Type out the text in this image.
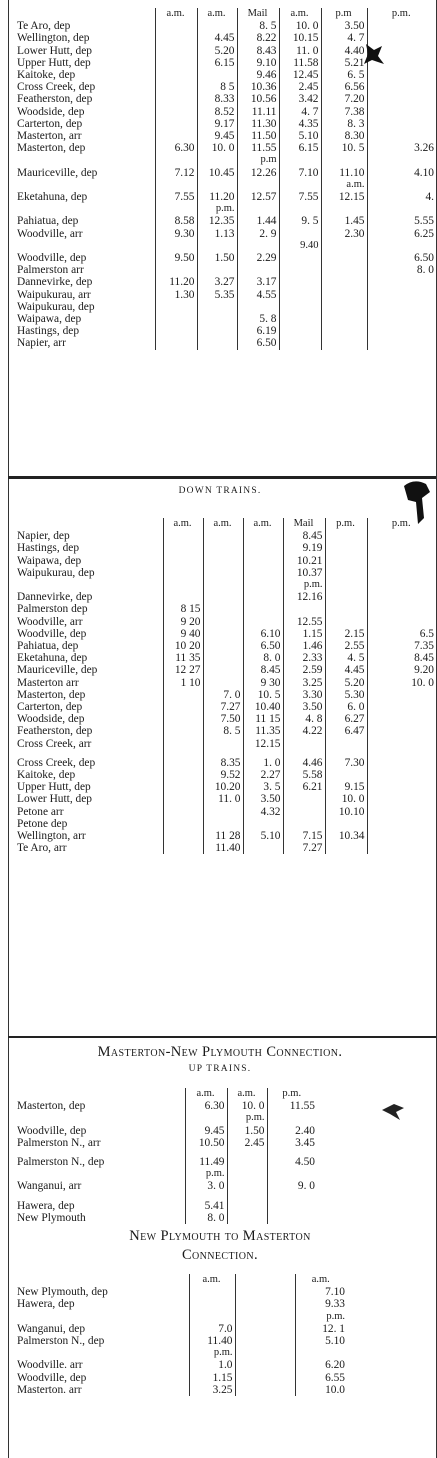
	a.m.	a.m.	Mail	a.m.	p.m	p.m.
Te Aro, dep			8. 5	10. 0	3.50	
Wellington, dep		4.45	8.22	10.15	4. 7	
Lower Hutt, dep		5.20	8.43	11. 0	4.40	
Upper Hutt, dep		6.15	9.10	11.58	5.21	
Kaitoke, dep			9.46	12.45	6. 5	
Cross Creek, dep		8 5	10.36	2.45	6.56	
Featherston, dep		8.33	10.56	3.42	7.20	
Woodside, dep		8.52	11.11	4. 7	7.38	
Carterton, dep		9.17	11.30	4.35	8. 3	
Masterton, arr		9.45	11.50	5.10	8.30	
Masterton, dep	6.30	10. 0	11.55	6.15	10. 5	3.26
			p.m			
Mauriceville, dep	7.12	10.45	12.26	7.10	11.10	4.10
					a.m.	
Eketahuna, dep	7.55	11.20	12.57	7.55	12.15	4.
		p.m.				
Pahiatua, dep	8.58	12.35	1.44	9. 5	1.45	5.55
Woodville, arr	9.30	1.13	2. 9		2.30	6.25
				9.40		
Woodville, dep	9.50	1.50	2.29			6.50
Palmerston arr						8. 0
Dannevirke, dep	11.20	3.27	3.17			
Waipukurau, arr	1.30	5.35	4.55			
Waipukurau, dep						
Waipawa, dep			5. 8			
Hastings, dep			6.19			
Napier, arr			6.50			
DOWN TRAINS.
	a.m.	a.m.	a.m.	Mail	p.m.	p.m.
Napier, dep				8.45		
Hastings, dep				9.19		
Waipawa, dep				10.21		
Waipukurau, dep				10.37		
				p.m.		
Dannevirke, dep				12.16		
Palmerston dep	8 15					
Woodville, arr	9 20			12.55		
Woodville, dep	9 40		6.10	1.15	2.15	6.5
Pahiatua, dep	10 20		6.50	1.46	2.55	7.35
Eketahuna, dep	11 35		8. 0	2.33	4. 5	8.45
Mauriceville, dep	12 27		8.45	2.59	4.45	9.20
Masterton arr	1 10		9 30	3.25	5.20	10. 0
Masterton, dep		7. 0	10. 5	3.30	5.30	
Carterton, dep		7.27	10.40	3.50	6. 0	
Woodside, dep		7.50	11 15	4. 8	6.27	
Featherston, dep		8. 5	11.35	4.22	6.47	
Cross Creek, arr			12.15			

Cross Creek, dep		8.35	1. 0	4.46	7.30	
Kaitoke, dep		9.52	2.27	5.58		
Upper Hutt, dep		10.20	3. 5	6.21	9.15	
Lower Hutt, dep		11. 0	3.50		10. 0	
Petone arr			4.32		10.10	
Petone dep						
Wellington, arr		11 28	5.10	7.15	10.34	
Te Aro, arr		11.40		7.27		
Masterton-New Plymouth Connection.
UP TRAINS.
	a.m.	a.m.	p.m.
Masterton, dep	6.30	10. 0	11.55
		p.m.	
Woodville, dep	9.45	1.50	2.40
Palmerston N., arr	10.50	2.45	3.45

Palmerston N., dep	11.49		4.50
	p.m.		
Wanganui, arr	3. 0		9. 0

Hawera, dep	5.41		
New Plymouth	8. 0		
New Plymouth to Masterton
Connection.
	a.m.		a.m.
New Plymouth, dep			7.10
Hawera, dep			9.33
			p.m.
Wanganui, dep	7.0		12. 1
Palmerston N., dep	11.40		5.10
	p.m.		
Woodville. arr	1.0		6.20
Woodville, dep	1.15		6.55
Masterton. arr	3.25		10.0
